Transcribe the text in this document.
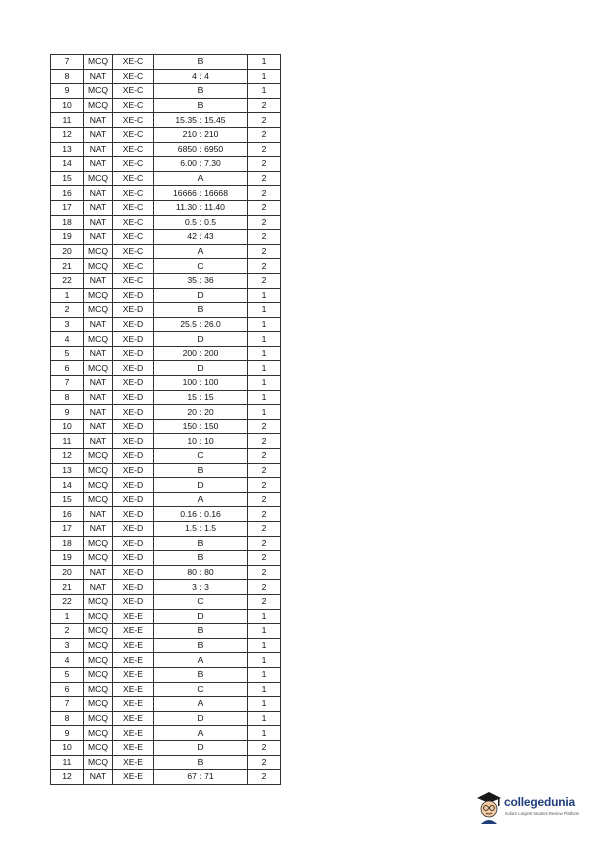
7	MCQ	XE-C	B	1
8	NAT	XE-C	4 : 4	1
9	MCQ	XE-C	B	1
10	MCQ	XE-C	B	2
11	NAT	XE-C	15.35 : 15.45	2
12	NAT	XE-C	210 : 210	2
13	NAT	XE-C	6850 : 6950	2
14	NAT	XE-C	6.00 : 7.30	2
15	MCQ	XE-C	A	2
16	NAT	XE-C	16666 : 16668	2
17	NAT	XE-C	11.30 : 11.40	2
18	NAT	XE-C	0.5 : 0.5	2
19	NAT	XE-C	42 : 43	2
20	MCQ	XE-C	A	2
21	MCQ	XE-C	C	2
22	NAT	XE-C	35 : 36	2
1	MCQ	XE-D	D	1
2	MCQ	XE-D	B	1
3	NAT	XE-D	25.5 : 26.0	1
4	MCQ	XE-D	D	1
5	NAT	XE-D	200 : 200	1
6	MCQ	XE-D	D	1
7	NAT	XE-D	100 : 100	1
8	NAT	XE-D	15 : 15	1
9	NAT	XE-D	20 : 20	1
10	NAT	XE-D	150 : 150	2
11	NAT	XE-D	10 : 10	2
12	MCQ	XE-D	C	2
13	MCQ	XE-D	B	2
14	MCQ	XE-D	D	2
15	MCQ	XE-D	A	2
16	NAT	XE-D	0.16 : 0.16	2
17	NAT	XE-D	1.5 : 1.5	2
18	MCQ	XE-D	B	2
19	MCQ	XE-D	B	2
20	NAT	XE-D	80 : 80	2
21	NAT	XE-D	3 : 3	2
22	MCQ	XE-D	C	2
1	MCQ	XE-E	D	1
2	MCQ	XE-E	B	1
3	MCQ	XE-E	B	1
4	MCQ	XE-E	A	1
5	MCQ	XE-E	B	1
6	MCQ	XE-E	C	1
7	MCQ	XE-E	A	1
8	MCQ	XE-E	D	1
9	MCQ	XE-E	A	1
10	MCQ	XE-E	D	2
11	MCQ	XE-E	B	2
12	NAT	XE-E	67 : 71	2
collegedunia
India's Largest Student Review Platform
